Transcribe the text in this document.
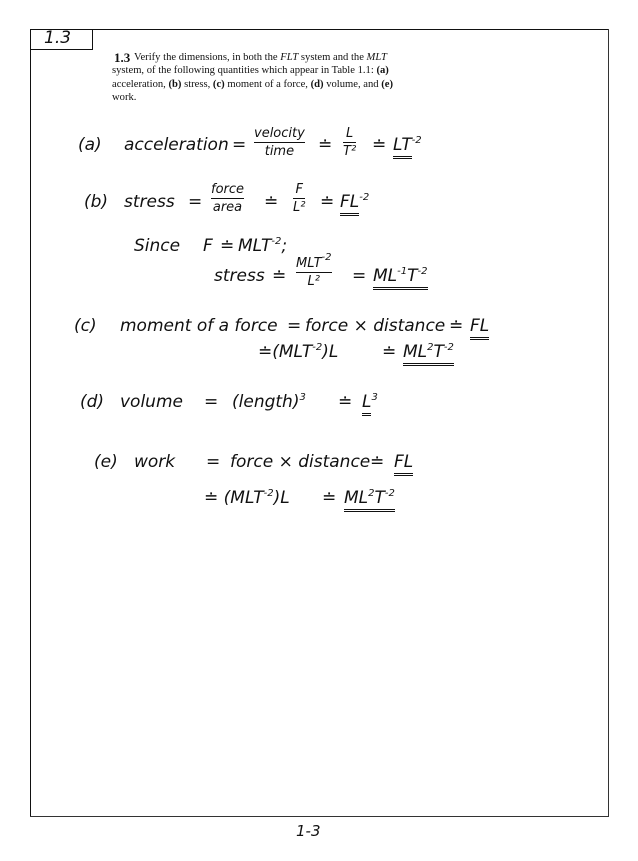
1.3
1.3 Verify the dimensions, in both the FLT system and the MLT system, of the following quantities which appear in Table 1.1: (a) acceleration, (b) stress, (c) moment of a force, (d) volume, and (e) work.
(a) acceleration =
velocity
time ≐
L
T² ≐ $LT^{-2}$
(b) stress =
force
area ≐
F
L² ≐ $FL^{-2}$
Since F ≐ $MLT^{-2}$;
stress ≐
$MLT^{-2}$
$L^2 = ML^{-1}T^{-2}$
(c) moment of a force = force × distance ≐ FL
$≐(MLT^{-2})L$	≐ $ML^2T^{-2}$
(d) volume = (length)$^3$ ≐ $L^3$
(e) work = force × distance ≐ FL
≐ $(MLT^{-2})L$ ≐ $ML^2T^{-2}$
1-3
